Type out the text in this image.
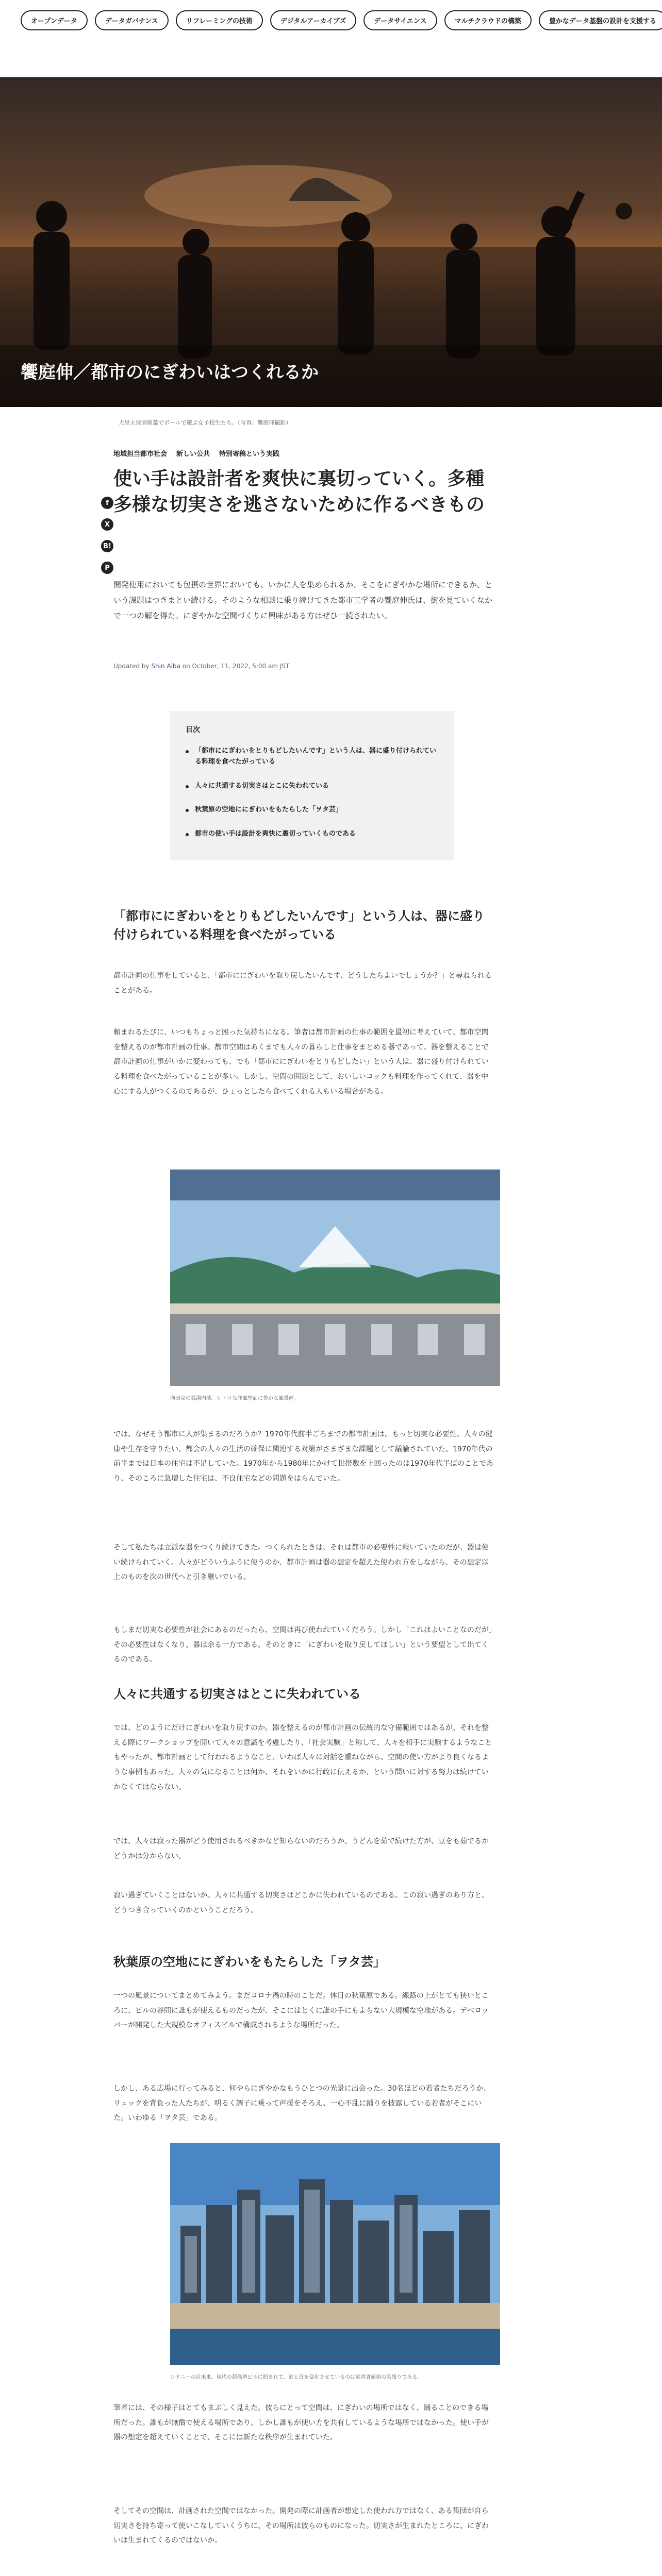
オープンデータ	データガバナンス	リフレーミングの技術	デジタルアーカイブズ	データサイエンス	マルチクラウドの構築	豊かなデータ基盤の設計を支援する
饗庭伸／都市のにぎわいはつくれるか
大里天保園廃墓でボールで遊ぶ女子校生たち。（写真：饗庭伸撮影）
地域担当都市社会 新しい公共 特別寄稿という実践
f
X
B!
P
使い手は設計者を爽快に裏切っていく。多種多様な切実さを逃さないために作るべきもの

開発使用においても包摂の世界においても、いかに人を集められるか、そこをにぎやかな場所にできるか、という課題はつきまとい続ける。そのような相談に乗り続けてきた都市工学者の饗庭伸氏は、街を見ていくなかで一つの解を得た。にぎやかな空間づくりに興味がある方はぜひ一読されたい。

Updated by Shin Aiba on October, 11, 2022, 5:00 am JST
目次
「都市ににぎわいをとりもどしたいんです」という人は、器に盛り付けられている料理を食べたがっている
人々に共通する切実さはとこに失われている
秋葉原の空地ににぎわいをもたらした「ヲタ芸」
都市の使い手は設計を爽快に裏切っていくものである
「都市ににぎわいをとりもどしたいんです」という人は、器に盛り付けられている料理を食べたがっている

都市計画の仕事をしていると、「都市ににぎわいを取り戻したいんです、どうしたらよいでしょうか？」と尋ねられることがある。

頼まれるたびに、いつもちょっと困った気持ちになる。筆者は都市計画の仕事の範囲を最初に考えていて、都市空間を整えるのが都市計画の仕事。都市空間はあくまでも人々の暮らしと仕事をまとめる器であって、器を整えることで都市計画の仕事がいかに変わっても、でも「都市ににぎわいをとりもどしたい」という人は、器に盛り付けられている料理を食べたがっていることが多い。しかし、空間の問題として、おいしいコックも料理を作ってくれて、器を中心にする人がつくるのであるが、ひょっとしたら食べてくれる人もいる場合がある。

向田家の銭湯内装。レトロな洋風壁面に豊かな風景画。

では、なぜそう都市に人が集まるのだろうか？1970年代前半ごろまでの都市計画は、もっと切実な必要性、人々の健康や生存を守りたい、都会の人々の生活の確保に関連する対策がさまざまな課題として議論されていた。1970年代の前半までは日本の住宅は不足していた。1970年から1980年にかけて世帯数を上回ったのは1970年代半ばのことであり、そのころに急増した住宅は、不良住宅などの問題をはらんでいた。

そして私たちは立派な器をつくり続けてきた。つくられたときは、それは都市の必要性に報いていたのだが、器は使い続けられていく。人々がどういうふうに使うのか、都市計画は器の想定を超えた使われ方をしながら、その想定以上のものを次の世代へと引き継いでいる。

もしまだ切実な必要性が社会にあるのだったら、空間は再び使われていくだろう。しかし「これはよいことなのだが」その必要性はなくなり、器は余る一方である。そのときに「にぎわいを取り戻してほしい」という要望として出てくるのである。

人々に共通する切実さはとこに失われている

では、どのようにだけにぎわいを取り戻すのか。器を整えるのが都市計画の伝統的な守備範囲ではあるが、それを整える際にワークショップを開いて人々の意識を考慮したり、「社会実験」と称して、人々を相手に実験するようなこともやったが、都市計画として行われるようなこと、いわば人々に対話を重ねながら、空間の使い方がより良くなるような事例もあった。人々の気になることは何か、それをいかに行政に伝えるか、という問いに対する努力は続けていかなくてはならない。

では、人々は寂った器がどう使用されるべきかなど知らないのだろうか。うどんを茹で続けた方が、豆をも茹でるかどうかは分からない。

寂い過ぎていくことはないか。人々に共通する切実さはどこかに失われているのである。この寂い過ぎのあり方と、どうつき合っていくのかということだろう。

秋葉原の空地ににぎわいをもたらした「ヲタ芸」

一つの風景についてまとめてみよう。まだコロナ禍の時のことだ。休日の秋葉原である。線路の上がとても狭いところに、ビルの谷間に誰もが使えるものだったが、そこにはとくに誰の手にもよらない大規模な空地がある。デベロッパーが開発した大規模なオフィスビルで構成されるような場所だった。

しかし、ある広場に行ってみると、何やらにぎやかなもうひとつの光景に出会った。30名ほどの若者たちだろうか、リュックを背負った人たちが、明るく調子に乗って声援をそろえ、一心不乱に踊りを披露している若者がそこにいた。いわゆる「ヲタ芸」である。

シドニーの近未来。現代の超高層ビルに囲まれて、港と昔を変化させているのは港湾倉庫街の名残りである。

筆者には、その様子はとてもまぶしく見えた。彼らにとって空間は、にぎわいの場所ではなく、踊ることのできる場所だった。誰もが無償で使える場所であり、しかし誰もが使い方を共有しているような場所ではなかった。使い手が器の想定を超えていくことで、そこには新たな秩序が生まれていた。

そしてその空間は、計画された空間ではなかった。開発の際に計画者が想定した使われ方ではなく、ある集団が自ら切実さを持ち寄って使いこなしていくうちに、その場所は彼らのものになった。切実さが生まれたところに、にぎわいは生まれてくるのではないか。
